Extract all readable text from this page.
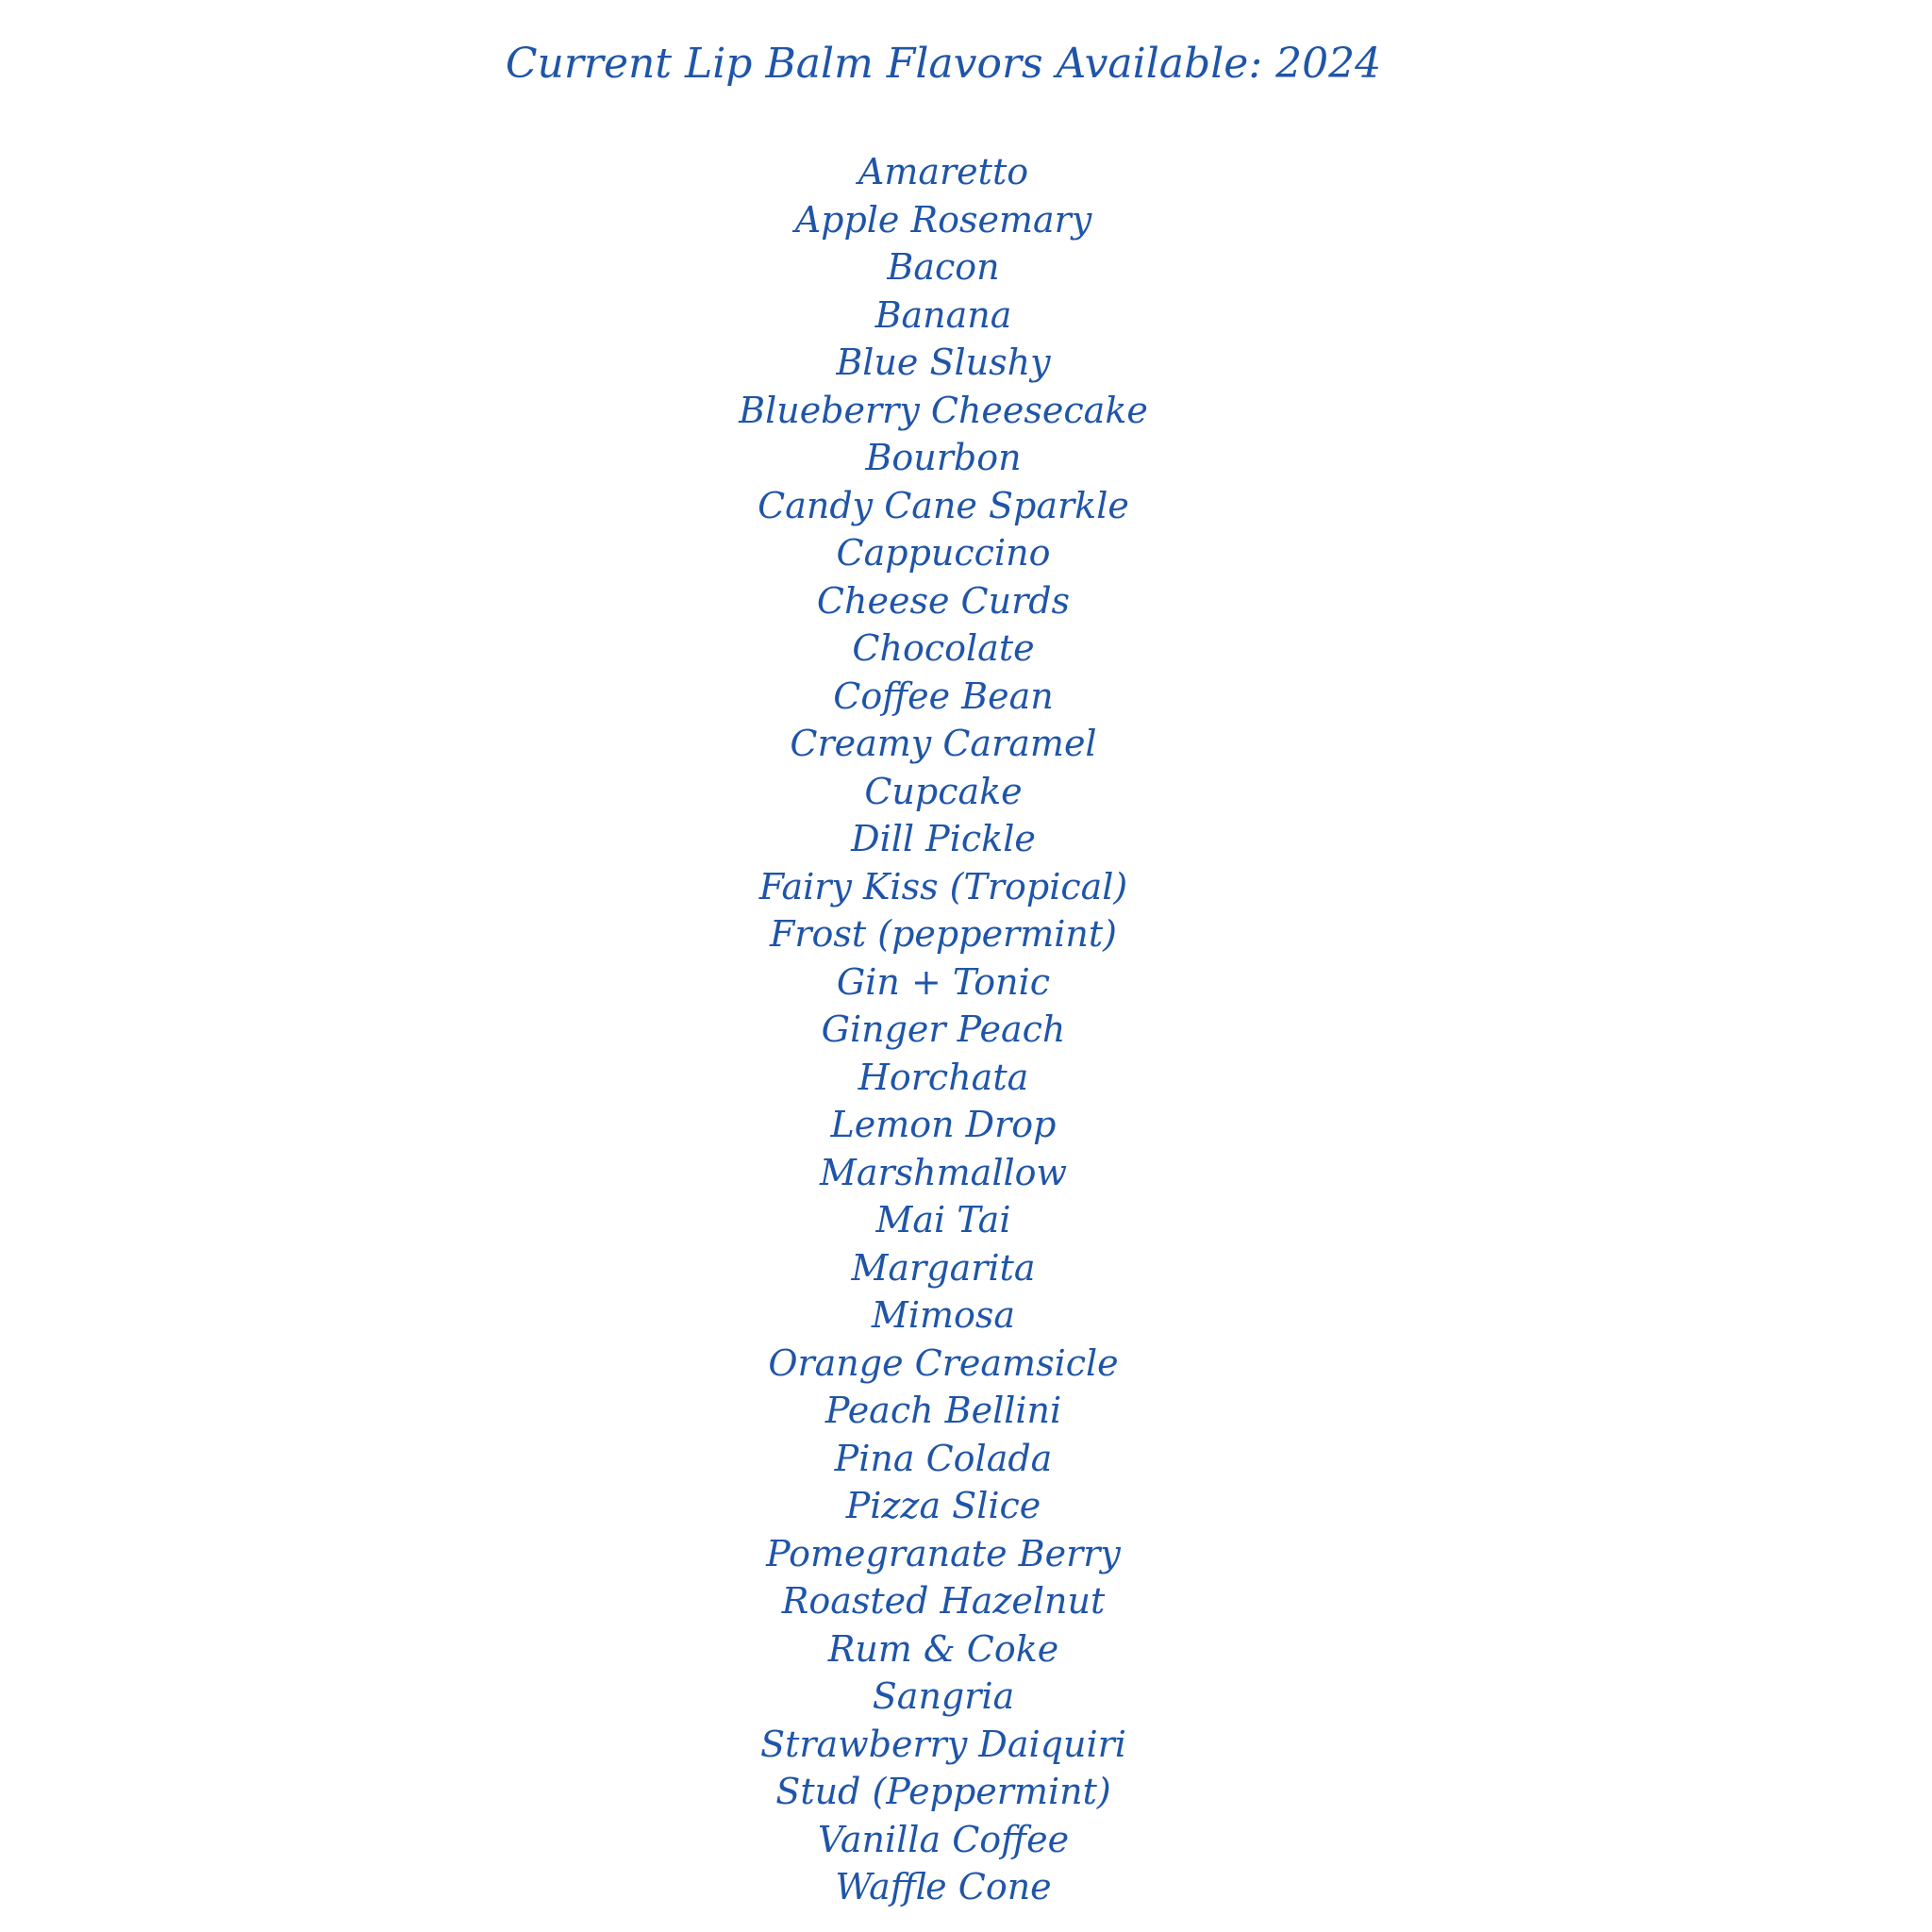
Current Lip Balm Flavors Available: 2024
Amaretto
Apple Rosemary
Bacon
Banana
Blue Slushy
Blueberry Cheesecake
Bourbon
Candy Cane Sparkle
Cappuccino
Cheese Curds
Chocolate
Coffee Bean
Creamy Caramel
Cupcake
Dill Pickle
Fairy Kiss (Tropical)
Frost (peppermint)
Gin + Tonic
Ginger Peach
Horchata
Lemon Drop
Marshmallow
Mai Tai
Margarita
Mimosa
Orange Creamsicle
Peach Bellini
Pina Colada
Pizza Slice
Pomegranate Berry
Roasted Hazelnut
Rum & Coke
Sangria
Strawberry Daiquiri
Stud (Peppermint)
Vanilla Coffee
Waffle Cone
